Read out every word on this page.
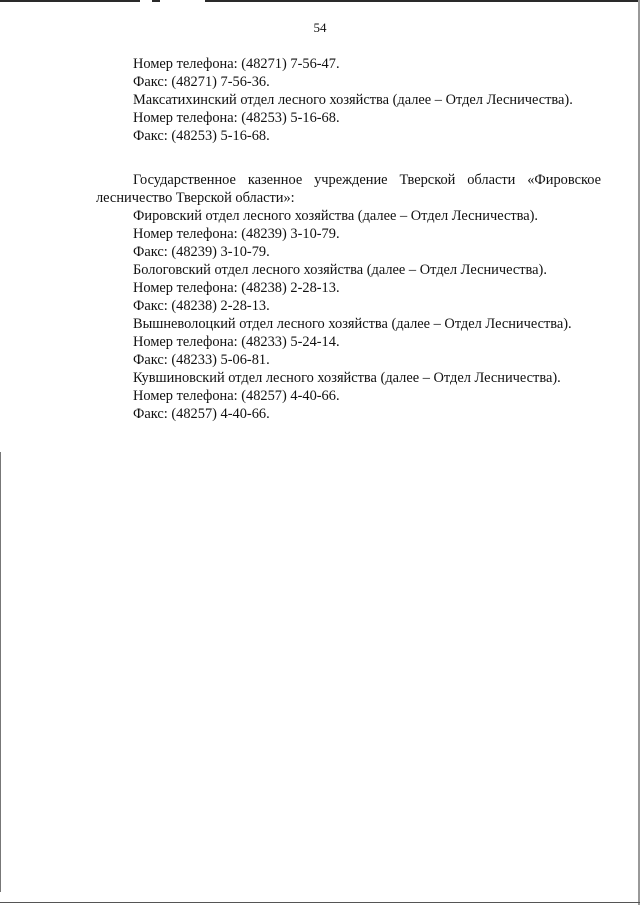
54
Номер телефона: (48271) 7-56-47.
Факс: (48271) 7-56-36.
Максатихинский отдел лесного хозяйства (далее – Отдел Лесничества).
Номер телефона: (48253) 5-16-68.
Факс: (48253) 5-16-68.
Государственное казенное учреждение Тверской области «Фировское лесничество Тверской области»:
Фировский отдел лесного хозяйства (далее – Отдел Лесничества).
Номер телефона: (48239) 3-10-79.
Факс: (48239) 3-10-79.
Бологовский отдел лесного хозяйства (далее – Отдел Лесничества).
Номер телефона: (48238) 2-28-13.
Факс: (48238) 2-28-13.
Вышневолоцкий отдел лесного хозяйства (далее – Отдел Лесничества).
Номер телефона: (48233) 5-24-14.
Факс: (48233) 5-06-81.
Кувшиновский отдел лесного хозяйства (далее – Отдел Лесничества).
Номер телефона: (48257) 4-40-66.
Факс: (48257) 4-40-66.
